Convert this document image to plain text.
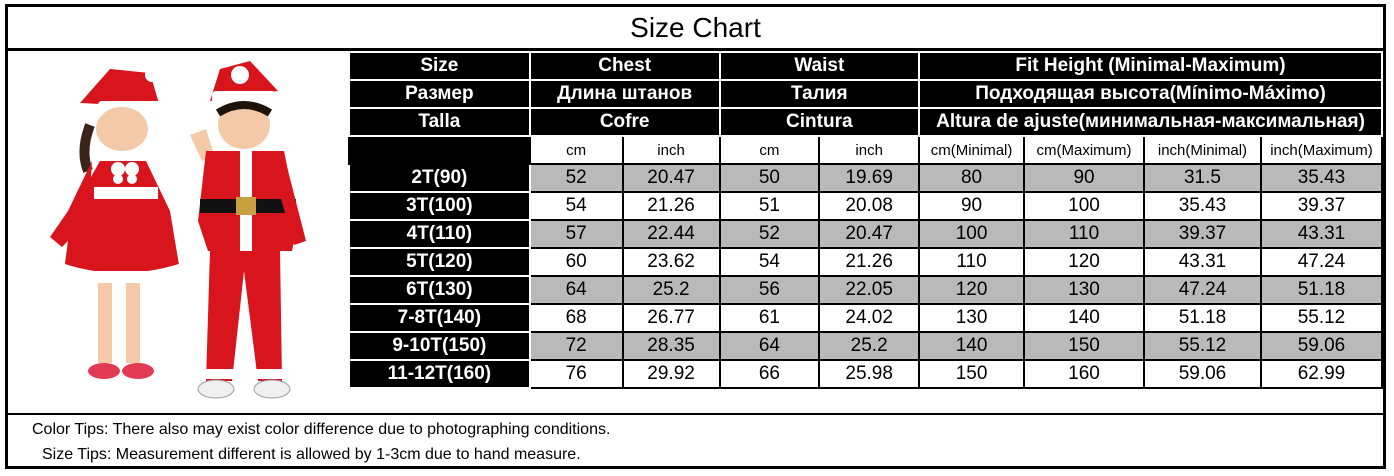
Size Chart
Size	Chest		Waist		Fit Height (Minimal-Maximum)			
Размер	Длина штанов		Талия		Подходящая высота(Mínimo-Máximo)			
Talla	Cofre		Cintura		Altura de ajuste(минимальная-максимальная)			
	cm	inch	cm	inch	cm(Minimal)	cm(Maximum)	inch(Minimal)	inch(Maximum)
2T(90)	52	20.47	50	19.69	80	90	31.5	35.43
3T(100)	54	21.26	51	20.08	90	100	35.43	39.37
4T(110)	57	22.44	52	20.47	100	110	39.37	43.31
5T(120)	60	23.62	54	21.26	110	120	43.31	47.24
6T(130)	64	25.2	56	22.05	120	130	47.24	51.18
7-8T(140)	68	26.77	61	24.02	130	140	51.18	55.12
9-10T(150)	72	28.35	64	25.2	140	150	55.12	59.06
11-12T(160)	76	29.92	66	25.98	150	160	59.06	62.99
Color Tips: There also may exist color difference due to photographing conditions.
Size Tips: Measurement different is allowed by 1-3cm due to hand measure.
